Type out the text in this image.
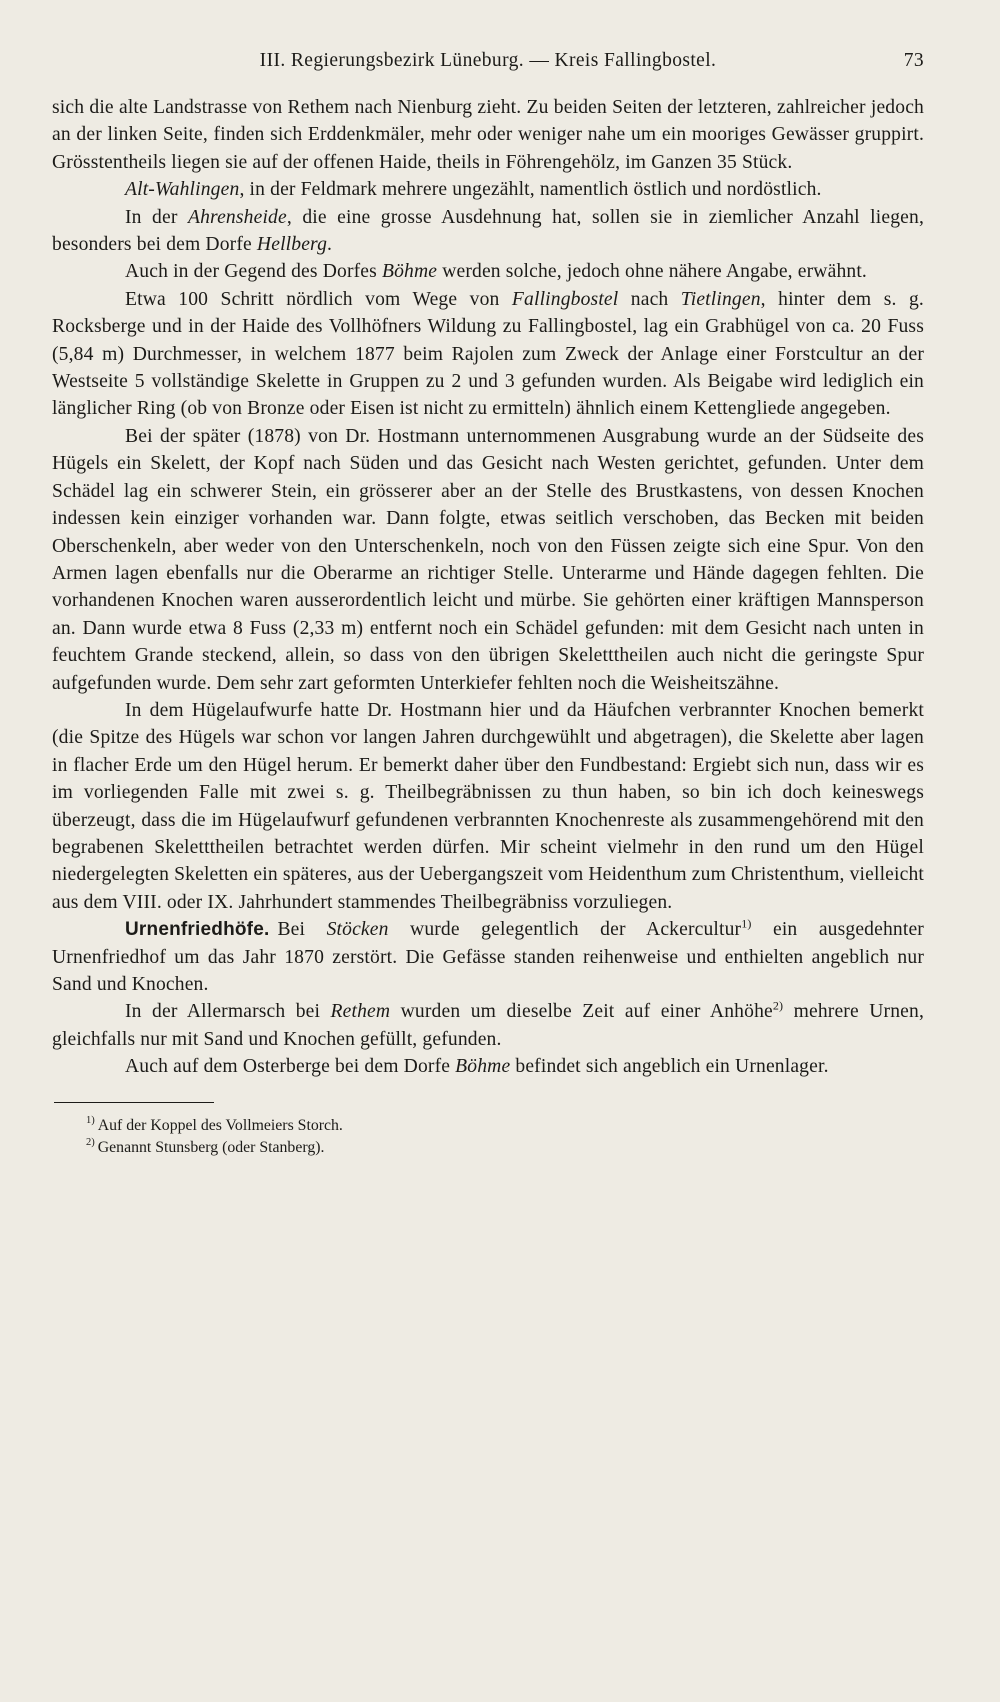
III. Regierungsbezirk Lüneburg. — Kreis Fallingbostel.	73

sich die alte Landstrasse von Rethem nach Nienburg zieht. Zu beiden Seiten der letzteren, zahlreicher jedoch an der linken Seite, finden sich Erddenkmäler, mehr oder weniger nahe um ein mooriges Gewässer gruppirt. Grösstentheils liegen sie auf der offenen Haide, theils in Föhrengehölz, im Ganzen 35 Stück.

Alt-Wahlingen, in der Feldmark mehrere ungezählt, namentlich östlich und nordöstlich.

In der Ahrensheide, die eine grosse Ausdehnung hat, sollen sie in ziemlicher Anzahl liegen, besonders bei dem Dorfe Hellberg.

Auch in der Gegend des Dorfes Böhme werden solche, jedoch ohne nähere Angabe, erwähnt.

Etwa 100 Schritt nördlich vom Wege von Fallingbostel nach Tietlingen, hinter dem s. g. Rocksberge und in der Haide des Vollhöfners Wildung zu Fallingbostel, lag ein Grabhügel von ca. 20 Fuss (5,84 m) Durchmesser, in welchem 1877 beim Rajolen zum Zweck der Anlage einer Forstcultur an der Westseite 5 vollständige Skelette in Gruppen zu 2 und 3 gefunden wurden. Als Beigabe wird lediglich ein länglicher Ring (ob von Bronze oder Eisen ist nicht zu ermitteln) ähnlich einem Kettengliede angegeben.

Bei der später (1878) von Dr. Hostmann unternommenen Ausgrabung wurde an der Südseite des Hügels ein Skelett, der Kopf nach Süden und das Gesicht nach Westen gerichtet, gefunden. Unter dem Schädel lag ein schwerer Stein, ein grösserer aber an der Stelle des Brustkastens, von dessen Knochen indessen kein einziger vorhanden war. Dann folgte, etwas seitlich verschoben, das Becken mit beiden Oberschenkeln, aber weder von den Unterschenkeln, noch von den Füssen zeigte sich eine Spur. Von den Armen lagen ebenfalls nur die Oberarme an richtiger Stelle. Unterarme und Hände dagegen fehlten. Die vorhandenen Knochen waren ausserordentlich leicht und mürbe. Sie gehörten einer kräftigen Mannsperson an. Dann wurde etwa 8 Fuss (2,33 m) entfernt noch ein Schädel gefunden: mit dem Gesicht nach unten in feuchtem Grande steckend, allein, so dass von den übrigen Skeletttheilen auch nicht die geringste Spur aufgefunden wurde. Dem sehr zart geformten Unterkiefer fehlten noch die Weisheitszähne.

In dem Hügelaufwurfe hatte Dr. Hostmann hier und da Häufchen verbrannter Knochen bemerkt (die Spitze des Hügels war schon vor langen Jahren durchgewühlt und abgetragen), die Skelette aber lagen in flacher Erde um den Hügel herum. Er bemerkt daher über den Fundbestand: Ergiebt sich nun, dass wir es im vorliegenden Falle mit zwei s. g. Theilbegräbnissen zu thun haben, so bin ich doch keineswegs überzeugt, dass die im Hügelaufwurf gefundenen verbrannten Knochenreste als zusammengehörend mit den begrabenen Skeletttheilen betrachtet werden dürfen. Mir scheint vielmehr in den rund um den Hügel niedergelegten Skeletten ein späteres, aus der Uebergangszeit vom Heidenthum zum Christenthum, vielleicht aus dem VIII. oder IX. Jahrhundert stammendes Theilbegräbniss vorzuliegen.

Urnenfriedhöfe. Bei Stöcken wurde gelegentlich der Ackercultur$^{1)}$ ein ausgedehnter Urnenfriedhof um das Jahr 1870 zerstört. Die Gefässe standen reihenweise und enthielten angeblich nur Sand und Knochen.

In der Allermarsch bei Rethem wurden um dieselbe Zeit auf einer Anhöhe$^{2)}$ mehrere Urnen, gleichfalls nur mit Sand und Knochen gefüllt, gefunden.

Auch auf dem Osterberge bei dem Dorfe Böhme befindet sich angeblich ein Urnenlager.

$^{1)}$ Auf der Koppel des Vollmeiers Storch.
$^{2)}$ Genannt Stunsberg (oder Stanberg).
